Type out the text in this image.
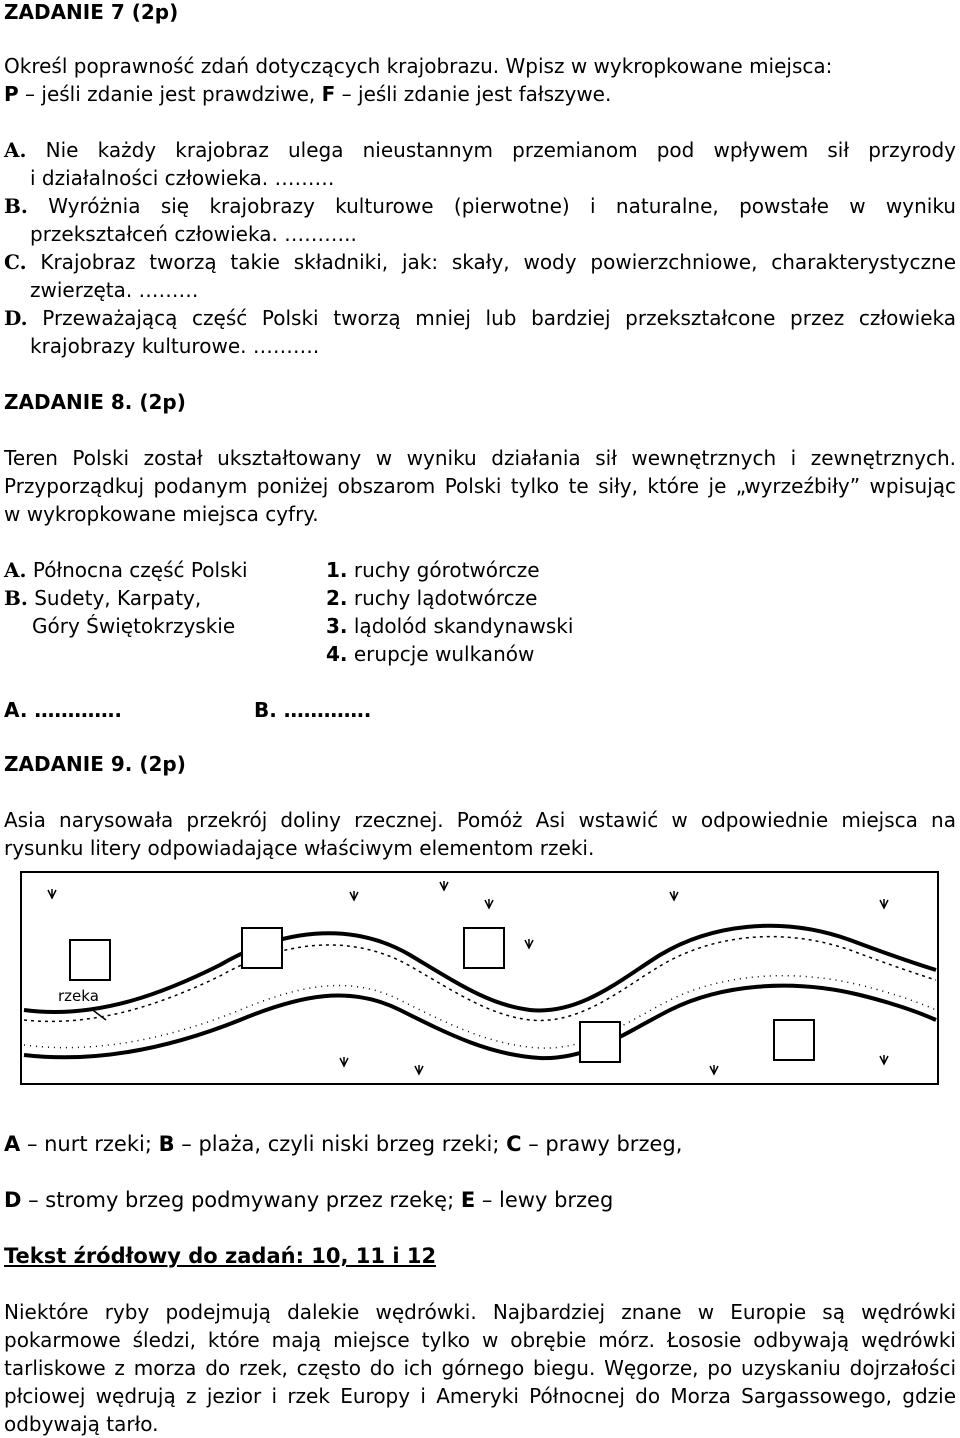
ZADANIE 7 (2p)
Określ poprawność zdań dotyczących krajobrazu. Wpisz w wykropkowane miejsca:
P – jeśli zdanie jest prawdziwe, F – jeśli zdanie jest fałszywe.
A. Nie każdy krajobraz ulega nieustannym przemianom pod wpływem sił przyrody
i działalności człowieka. ………
B. Wyróżnia się krajobrazy kulturowe (pierwotne) i naturalne, powstałe w wyniku
przekształceń człowieka. ………..
C. Krajobraz tworzą takie składniki, jak: skały, wody powierzchniowe, charakterystyczne
zwierzęta. ………
D. Przeważającą część Polski tworzą mniej lub bardziej przekształcone przez człowieka
krajobrazy kulturowe. ……….
ZADANIE 8. (2p)
Teren Polski został ukształtowany w wyniku działania sił wewnętrznych i zewnętrznych.
Przyporządkuj podanym poniżej obszarom Polski tylko te siły, które je „wyrzeźbiły” wpisując
w wykropkowane miejsca cyfry.
A. Północna część Polski
B. Sudety, Karpaty,
Góry Świętokrzyskie
1. ruchy górotwórcze
2. ruchy lądotwórcze
3. lądolód skandynawski
4. erupcje wulkanów
A. ………….	B. ………….
ZADANIE 9. (2p)
Asia narysowała przekrój doliny rzecznej. Pomóż Asi wstawić w odpowiednie miejsca na
rysunku litery odpowiadające właściwym elementom rzeki.
rzeka
A – nurt rzeki; B – plaża, czyli niski brzeg rzeki; C – prawy brzeg,
D – stromy brzeg podmywany przez rzekę; E – lewy brzeg
Tekst źródłowy do zadań: 10, 11 i 12
Niektóre ryby podejmują dalekie wędrówki. Najbardziej znane w Europie są wędrówki
pokarmowe śledzi, które mają miejsce tylko w obrębie mórz. Łososie odbywają wędrówki
tarliskowe z morza do rzek, często do ich górnego biegu. Węgorze, po uzyskaniu dojrzałości
płciowej wędrują z jezior i rzek Europy i Ameryki Północnej do Morza Sargassowego, gdzie
odbywają tarło.
